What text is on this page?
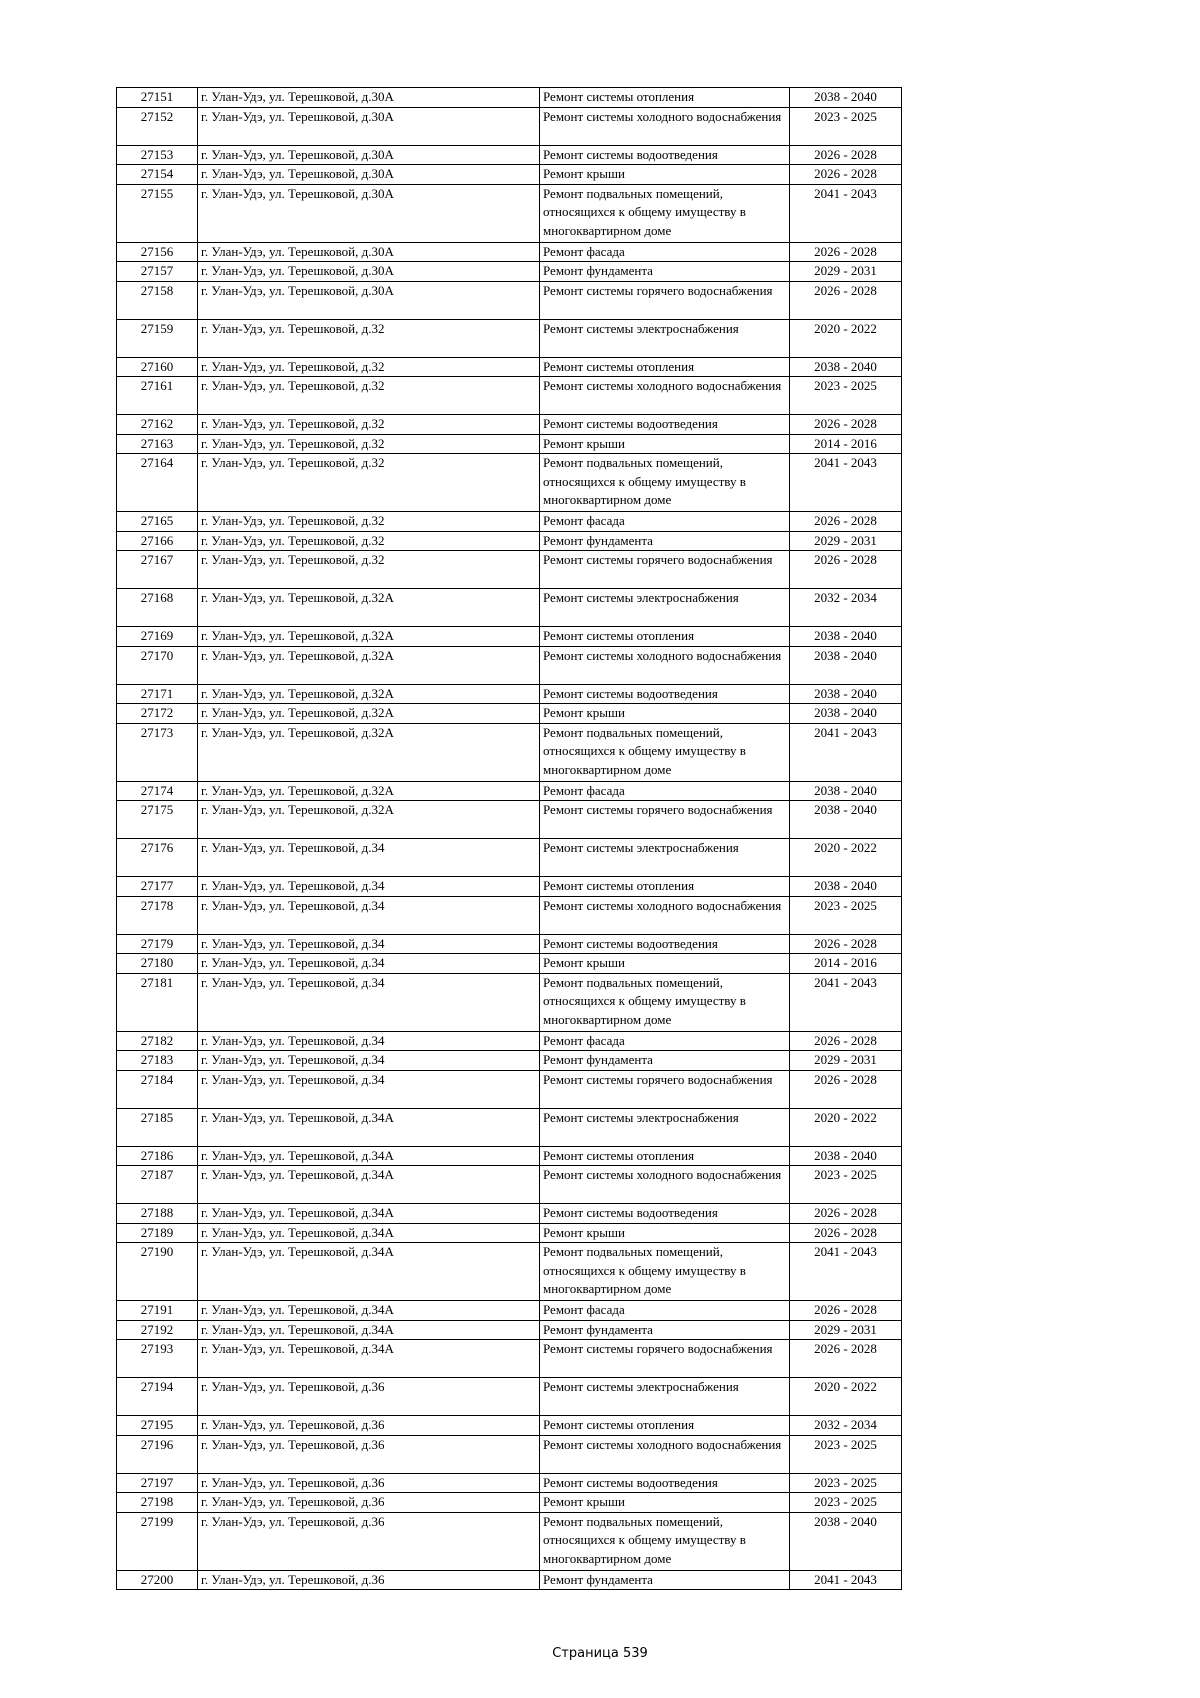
27151	г. Улан-Удэ, ул. Терешковой, д.30А	Ремонт системы отопления	2038 - 2040
27152	г. Улан-Удэ, ул. Терешковой, д.30А	Ремонт системы холодного водоснабжения	2023 - 2025
27153	г. Улан-Удэ, ул. Терешковой, д.30А	Ремонт системы водоотведения	2026 - 2028
27154	г. Улан-Удэ, ул. Терешковой, д.30А	Ремонт крыши	2026 - 2028
27155	г. Улан-Удэ, ул. Терешковой, д.30А	Ремонт подвальных помещений, относящихся к общему имуществу в многоквартирном доме	2041 - 2043
27156	г. Улан-Удэ, ул. Терешковой, д.30А	Ремонт фасада	2026 - 2028
27157	г. Улан-Удэ, ул. Терешковой, д.30А	Ремонт фундамента	2029 - 2031
27158	г. Улан-Удэ, ул. Терешковой, д.30А	Ремонт системы горячего водоснабжения	2026 - 2028
27159	г. Улан-Удэ, ул. Терешковой, д.32	Ремонт системы электроснабжения	2020 - 2022
27160	г. Улан-Удэ, ул. Терешковой, д.32	Ремонт системы отопления	2038 - 2040
27161	г. Улан-Удэ, ул. Терешковой, д.32	Ремонт системы холодного водоснабжения	2023 - 2025
27162	г. Улан-Удэ, ул. Терешковой, д.32	Ремонт системы водоотведения	2026 - 2028
27163	г. Улан-Удэ, ул. Терешковой, д.32	Ремонт крыши	2014 - 2016
27164	г. Улан-Удэ, ул. Терешковой, д.32	Ремонт подвальных помещений, относящихся к общему имуществу в многоквартирном доме	2041 - 2043
27165	г. Улан-Удэ, ул. Терешковой, д.32	Ремонт фасада	2026 - 2028
27166	г. Улан-Удэ, ул. Терешковой, д.32	Ремонт фундамента	2029 - 2031
27167	г. Улан-Удэ, ул. Терешковой, д.32	Ремонт системы горячего водоснабжения	2026 - 2028
27168	г. Улан-Удэ, ул. Терешковой, д.32А	Ремонт системы электроснабжения	2032 - 2034
27169	г. Улан-Удэ, ул. Терешковой, д.32А	Ремонт системы отопления	2038 - 2040
27170	г. Улан-Удэ, ул. Терешковой, д.32А	Ремонт системы холодного водоснабжения	2038 - 2040
27171	г. Улан-Удэ, ул. Терешковой, д.32А	Ремонт системы водоотведения	2038 - 2040
27172	г. Улан-Удэ, ул. Терешковой, д.32А	Ремонт крыши	2038 - 2040
27173	г. Улан-Удэ, ул. Терешковой, д.32А	Ремонт подвальных помещений, относящихся к общему имуществу в многоквартирном доме	2041 - 2043
27174	г. Улан-Удэ, ул. Терешковой, д.32А	Ремонт фасада	2038 - 2040
27175	г. Улан-Удэ, ул. Терешковой, д.32А	Ремонт системы горячего водоснабжения	2038 - 2040
27176	г. Улан-Удэ, ул. Терешковой, д.34	Ремонт системы электроснабжения	2020 - 2022
27177	г. Улан-Удэ, ул. Терешковой, д.34	Ремонт системы отопления	2038 - 2040
27178	г. Улан-Удэ, ул. Терешковой, д.34	Ремонт системы холодного водоснабжения	2023 - 2025
27179	г. Улан-Удэ, ул. Терешковой, д.34	Ремонт системы водоотведения	2026 - 2028
27180	г. Улан-Удэ, ул. Терешковой, д.34	Ремонт крыши	2014 - 2016
27181	г. Улан-Удэ, ул. Терешковой, д.34	Ремонт подвальных помещений, относящихся к общему имуществу в многоквартирном доме	2041 - 2043
27182	г. Улан-Удэ, ул. Терешковой, д.34	Ремонт фасада	2026 - 2028
27183	г. Улан-Удэ, ул. Терешковой, д.34	Ремонт фундамента	2029 - 2031
27184	г. Улан-Удэ, ул. Терешковой, д.34	Ремонт системы горячего водоснабжения	2026 - 2028
27185	г. Улан-Удэ, ул. Терешковой, д.34А	Ремонт системы электроснабжения	2020 - 2022
27186	г. Улан-Удэ, ул. Терешковой, д.34А	Ремонт системы отопления	2038 - 2040
27187	г. Улан-Удэ, ул. Терешковой, д.34А	Ремонт системы холодного водоснабжения	2023 - 2025
27188	г. Улан-Удэ, ул. Терешковой, д.34А	Ремонт системы водоотведения	2026 - 2028
27189	г. Улан-Удэ, ул. Терешковой, д.34А	Ремонт крыши	2026 - 2028
27190	г. Улан-Удэ, ул. Терешковой, д.34А	Ремонт подвальных помещений, относящихся к общему имуществу в многоквартирном доме	2041 - 2043
27191	г. Улан-Удэ, ул. Терешковой, д.34А	Ремонт фасада	2026 - 2028
27192	г. Улан-Удэ, ул. Терешковой, д.34А	Ремонт фундамента	2029 - 2031
27193	г. Улан-Удэ, ул. Терешковой, д.34А	Ремонт системы горячего водоснабжения	2026 - 2028
27194	г. Улан-Удэ, ул. Терешковой, д.36	Ремонт системы электроснабжения	2020 - 2022
27195	г. Улан-Удэ, ул. Терешковой, д.36	Ремонт системы отопления	2032 - 2034
27196	г. Улан-Удэ, ул. Терешковой, д.36	Ремонт системы холодного водоснабжения	2023 - 2025
27197	г. Улан-Удэ, ул. Терешковой, д.36	Ремонт системы водоотведения	2023 - 2025
27198	г. Улан-Удэ, ул. Терешковой, д.36	Ремонт крыши	2023 - 2025
27199	г. Улан-Удэ, ул. Терешковой, д.36	Ремонт подвальных помещений, относящихся к общему имуществу в многоквартирном доме	2038 - 2040
27200	г. Улан-Удэ, ул. Терешковой, д.36	Ремонт фундамента	2041 - 2043
Страница 539
